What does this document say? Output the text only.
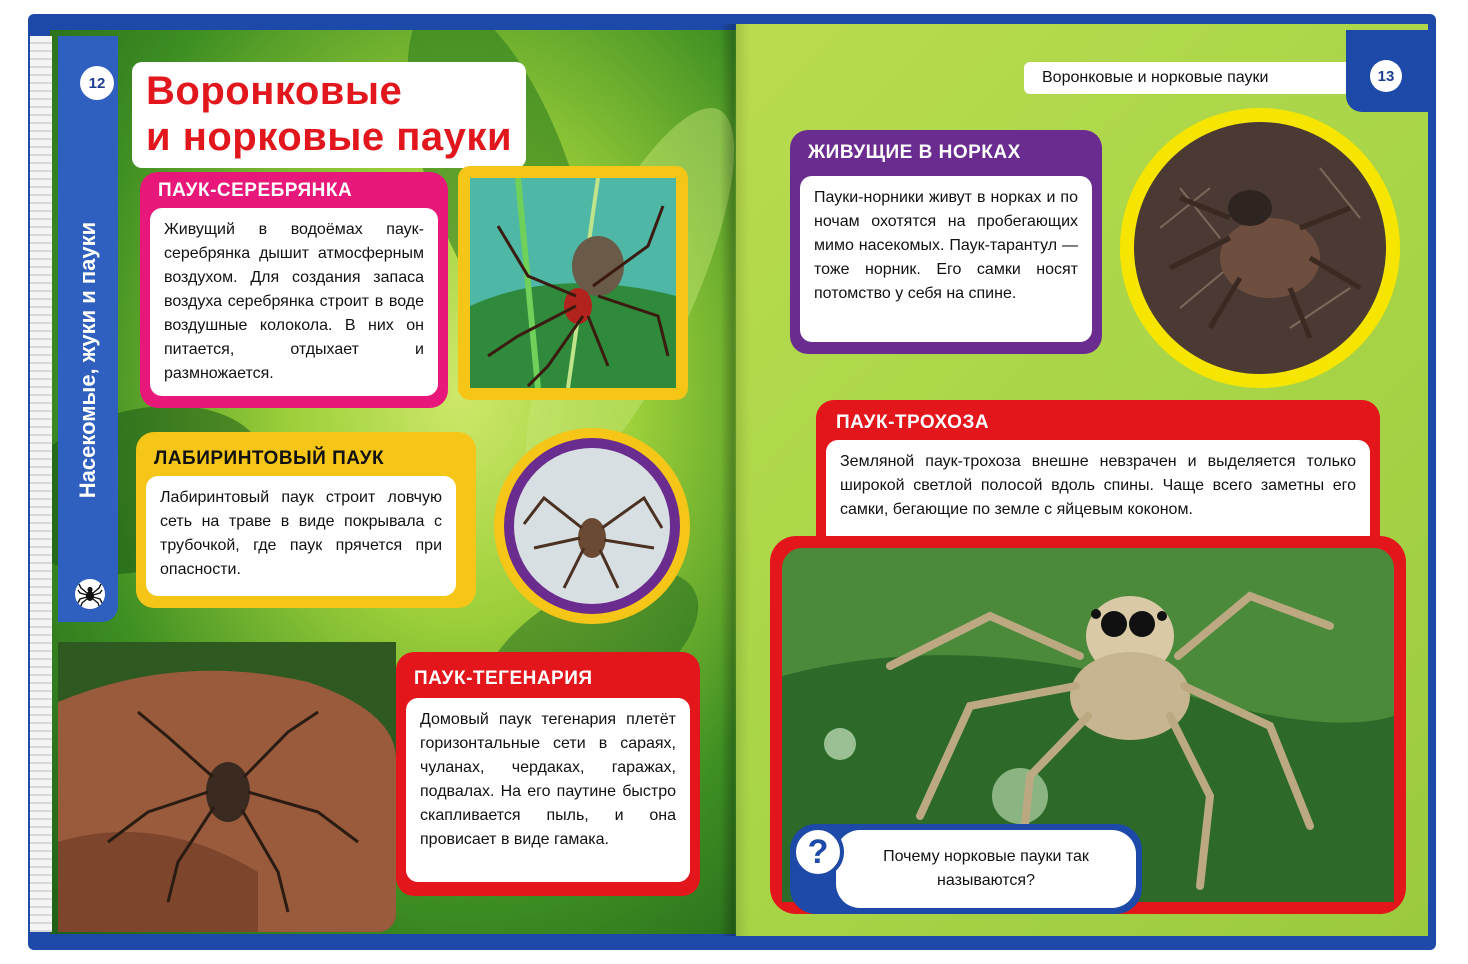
12
Насекомые, жуки и пауки
Воронковые
и норковые пауки
ПАУК-СЕРЕБРЯНКА
Живущий в водоёмах паук-серебрянка дышит атмосферным воздухом. Для создания запаса воздуха серебрянка строит в воде воздушные колокола. В них он питается, отдыхает и размножается.
ЛАБИРИНТОВЫЙ ПАУК
Лабиринтовый паук строит ловчую сеть на траве в виде покрывала с трубочкой, где паук прячется при опасности.
ПАУК-ТЕГЕНАРИЯ
Домовый паук тегенария плетёт горизонтальные сети в сараях, чуланах, чердаках, гаражах, подвалах. На его паутине быстро скапливается пыль, и она провисает в виде гамака.
Воронковые и норковые пауки	13
ЖИВУЩИЕ В НОРКАХ
Пауки-норники живут в норках и по ночам охотятся на пробегающих мимо насекомых. Паук-тарантул — тоже норник. Его самки носят потомство у себя на спине.
ПАУК-ТРОХОЗА
Земляной паук-трохоза внешне невзрачен и выделяется только широкой светлой полосой вдоль спины. Чаще всего заметны его самки, бегающие по земле с яйцевым коконом.
Почему норковые пауки так называются?
?
